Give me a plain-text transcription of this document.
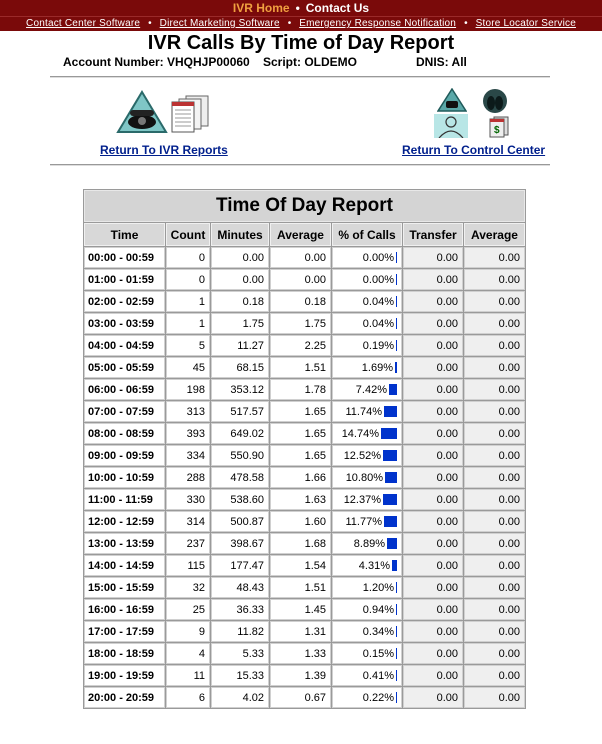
IVR Home • Contact Us
Contact Center Software • Direct Marketing Software • Emergency Response Notification • Store Locator Service
IVR Calls By Time of Day Report
Account Number: VHQHJP00060 Script: OLDEMO	DNIS: All
Return To IVR Reports
$
Return To Control Center
Time Of Day Report						
Time	Count	Minutes	Average	% of Calls	Transfer	Average
00:00 - 00:59	0	0.00	0.00	0.00%	0.00	0.00
01:00 - 01:59	0	0.00	0.00	0.00%	0.00	0.00
02:00 - 02:59	1	0.18	0.18	0.04%	0.00	0.00
03:00 - 03:59	1	1.75	1.75	0.04%	0.00	0.00
04:00 - 04:59	5	11.27	2.25	0.19%	0.00	0.00
05:00 - 05:59	45	68.15	1.51	1.69%	0.00	0.00
06:00 - 06:59	198	353.12	1.78	7.42%	0.00	0.00
07:00 - 07:59	313	517.57	1.65	11.74%	0.00	0.00
08:00 - 08:59	393	649.02	1.65	14.74%	0.00	0.00
09:00 - 09:59	334	550.90	1.65	12.52%	0.00	0.00
10:00 - 10:59	288	478.58	1.66	10.80%	0.00	0.00
11:00 - 11:59	330	538.60	1.63	12.37%	0.00	0.00
12:00 - 12:59	314	500.87	1.60	11.77%	0.00	0.00
13:00 - 13:59	237	398.67	1.68	8.89%	0.00	0.00
14:00 - 14:59	115	177.47	1.54	4.31%	0.00	0.00
15:00 - 15:59	32	48.43	1.51	1.20%	0.00	0.00
16:00 - 16:59	25	36.33	1.45	0.94%	0.00	0.00
17:00 - 17:59	9	11.82	1.31	0.34%	0.00	0.00
18:00 - 18:59	4	5.33	1.33	0.15%	0.00	0.00
19:00 - 19:59	11	15.33	1.39	0.41%	0.00	0.00
20:00 - 20:59	6	4.02	0.67	0.22%	0.00	0.00
